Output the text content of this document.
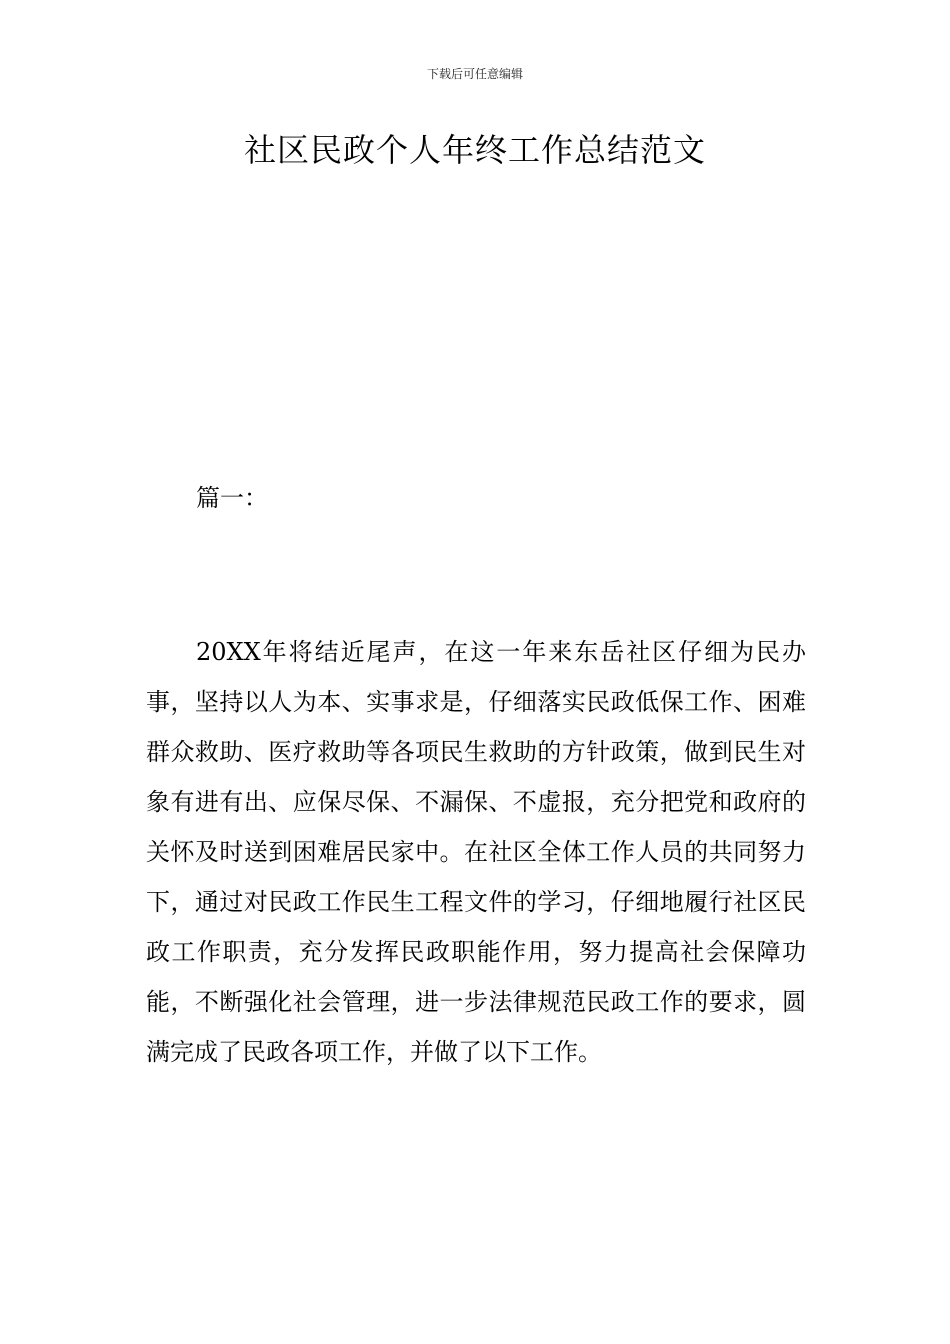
下载后可任意编辑
社区民政个人年终工作总结范文
篇一：

20XX年将结近尾声，在这一年来东岳社区仔细为民办事，坚持以人为本、实事求是，仔细落实民政低保工作、困难群众救助、医疗救助等各项民生救助的方针政策，做到民生对象有进有出、应保尽保、不漏保、不虚报，充分把党和政府的关怀及时送到困难居民家中。在社区全体工作人员的共同努力下，通过对民政工作民生工程文件的学习，仔细地履行社区民政工作职责，充分发挥民政职能作用，努力提高社会保障功能，不断强化社会管理，进一步法律规范民政工作的要求，圆满完成了民政各项工作，并做了以下工作。
